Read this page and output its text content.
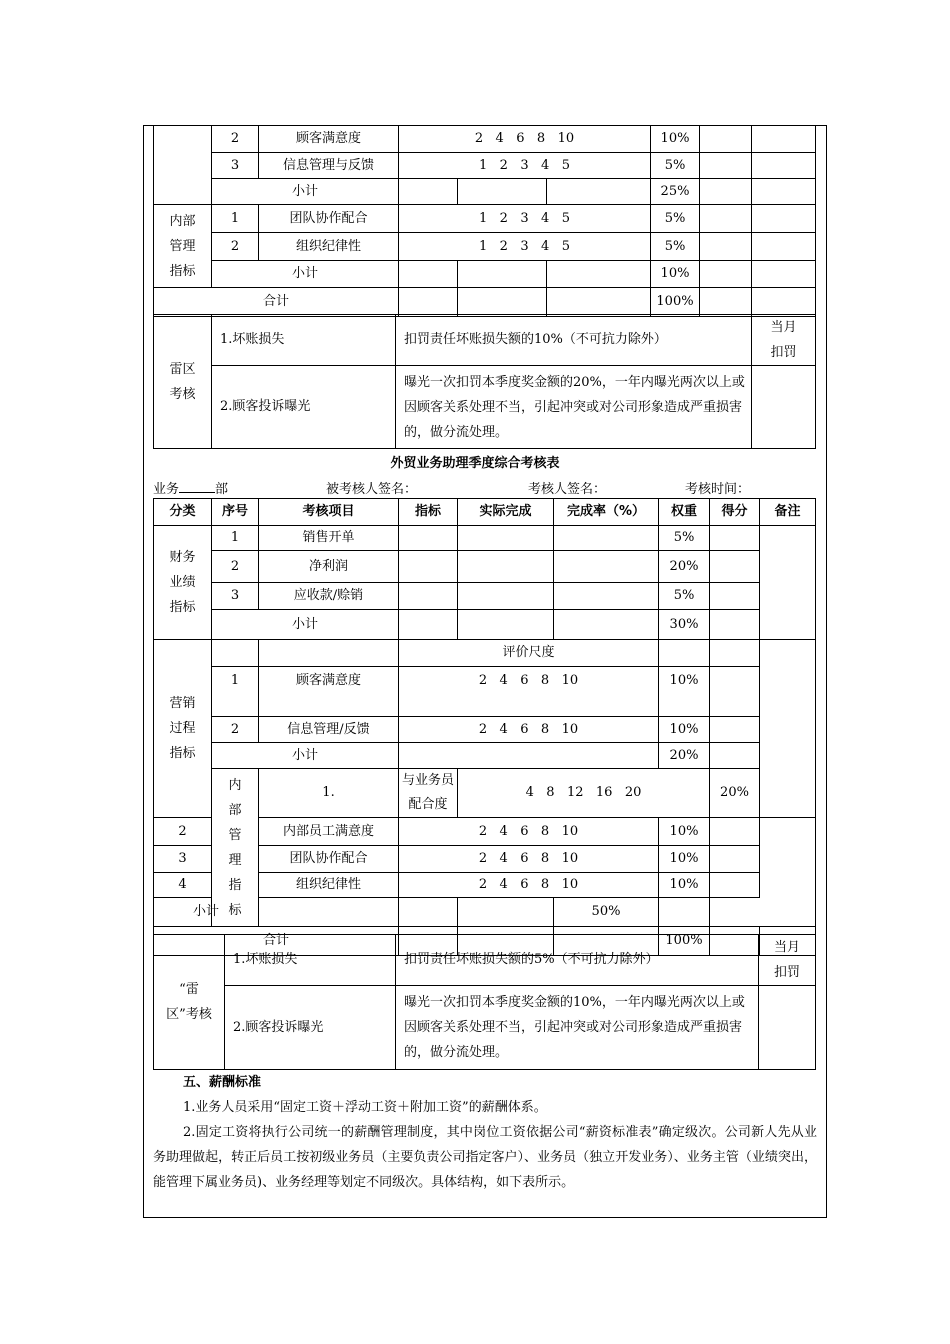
	2	顾客满意度	2   4   6   8   10			10%		
	3	信息管理与反馈	1   2   3   4   5			5%		
	小计					25%		
内部管理指标	1	团队协作配合	1   2   3   4   5			5%		
	2	组织纪律性	1   2   3   4   5			5%		
	小计					10%		
合计						100%		
雷区考核	1.坏账损失	扣罚责任坏账损失额的10%（不可抗力除外）	当月扣罚
	2.顾客投诉曝光	曝光一次扣罚本季度奖金额的20%，一年内曝光两次以上或因顾客关系处理不当，引起冲突或对公司形象造成严重损害的，做分流处理。	
外贸业务助理季度综合考核表
业务	部	被考核人签名：	考核人签名：	考核时间：
分类	序号	考核项目	指标	实际完成	完成率（%）	权重	得分	备注	
财务业绩指标	1	销售开单				5%			
	2	净利润				20%			
	3	应收款/赊销				5%			
	小计					30%			
营销过程指标			评价尺度						
	1	顾客满意度	2   4   6   8   10			10%			
	2	信息管理/反馈	2   4   6   8   10			10%			
	小计					20%			
	内部管理指标	1.	与业务员配合度	4   8   12   16   20			20%		
2		内部员工满意度	2   4   6   8   10			10%			
3		团队协作配合	2   4   6   8   10			10%			
4		组织纪律性	2   4   6   8   10			10%			
小计					50%				
合计						100%			
“雷区”考核	1.坏账损失	扣罚责任坏账损失额的5%（不可抗力除外）	当月扣罚
	2.顾客投诉曝光	曝光一次扣罚本季度奖金额的10%，一年内曝光两次以上或因顾客关系处理不当，引起冲突或对公司形象造成严重损害的，做分流处理。	
五、薪酬标准
1.业务人员采用“固定工资＋浮动工资＋附加工资”的薪酬体系。
2.固定工资将执行公司统一的薪酬管理制度，其中岗位工资依据公司“薪资标准表”确定级次。公司新人先从业务助理做起，转正后员工按初级业务员（主要负责公司指定客户）、业务员（独立开发业务）、业务主管（业绩突出，能管理下属业务员)、业务经理等划定不同级次。具体结构，如下表所示。
